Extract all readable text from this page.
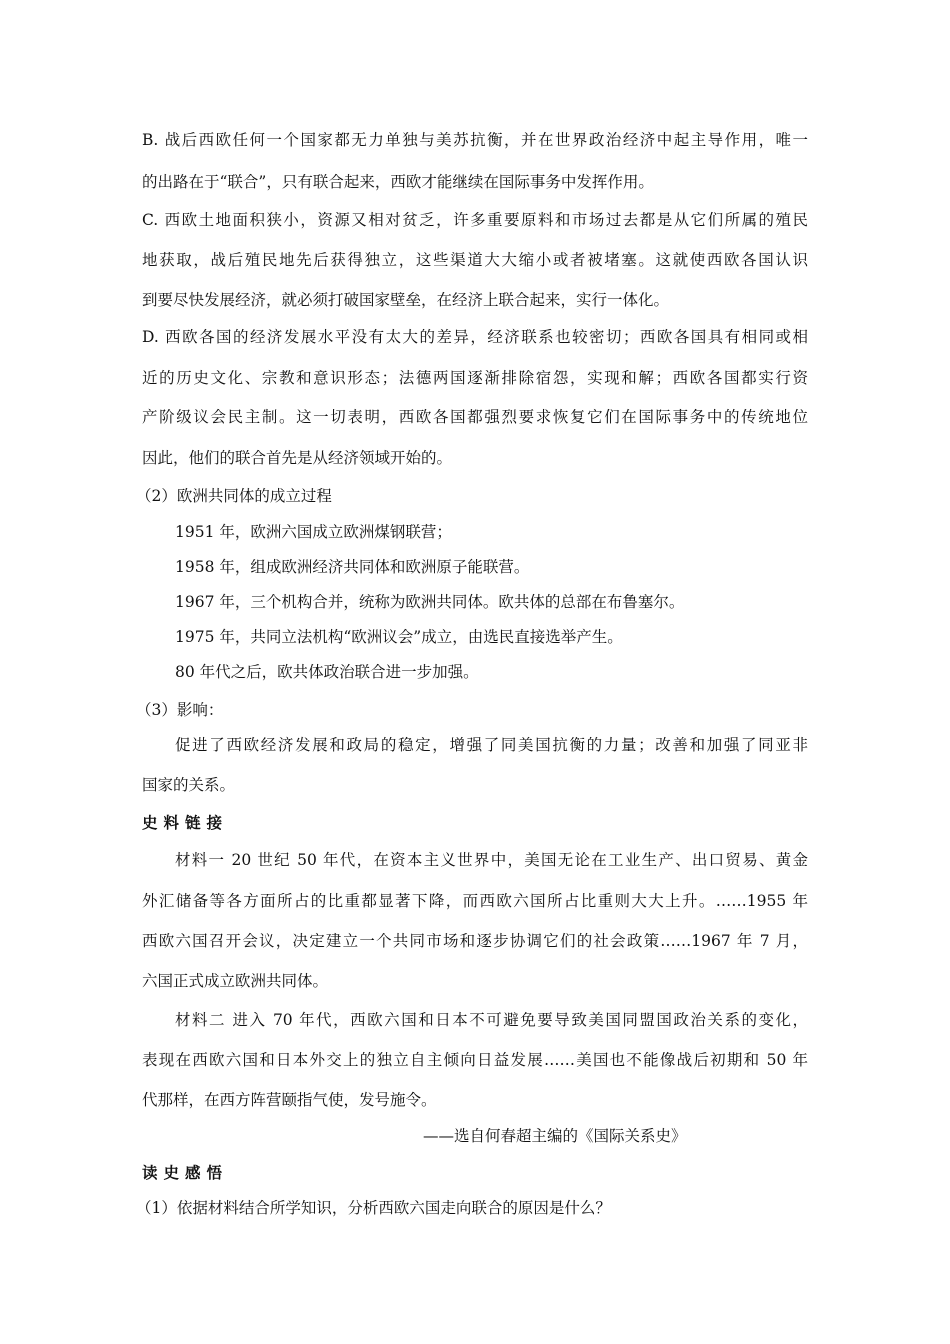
B. 战后西欧任何一个国家都无力单独与美苏抗衡，并在世界政治经济中起主导作用，唯一
的出路在于“联合”，只有联合起来，西欧才能继续在国际事务中发挥作用。
C. 西欧土地面积狭小，资源又相对贫乏，许多重要原料和市场过去都是从它们所属的殖民
地获取，战后殖民地先后获得独立，这些渠道大大缩小或者被堵塞。这就使西欧各国认识
到要尽快发展经济，就必须打破国家壁垒，在经济上联合起来，实行一体化。
D. 西欧各国的经济发展水平没有太大的差异，经济联系也较密切；西欧各国具有相同或相
近的历史文化、宗教和意识形态；法德两国逐渐排除宿怨，实现和解；西欧各国都实行资
产阶级议会民主制。这一切表明，西欧各国都强烈要求恢复它们在国际事务中的传统地位
因此，他们的联合首先是从经济领域开始的。
（2）欧洲共同体的成立过程
1951 年，欧洲六国成立欧洲煤钢联营；
1958 年，组成欧洲经济共同体和欧洲原子能联营。
1967 年，三个机构合并，统称为欧洲共同体。欧共体的总部在布鲁塞尔。
1975 年，共同立法机构“欧洲议会”成立，由选民直接选举产生。
80 年代之后，欧共体政治联合进一步加强。
（3）影响：
促进了西欧经济发展和政局的稳定，增强了同美国抗衡的力量；改善和加强了同亚非
国家的关系。
史料链接
材料一 20 世纪 50 年代，在资本主义世界中，美国无论在工业生产、出口贸易、黄金
外汇储备等各方面所占的比重都显著下降，而西欧六国所占比重则大大上升。……1955 年
西欧六国召开会议，决定建立一个共同市场和逐步协调它们的社会政策……1967 年 7 月，
六国正式成立欧洲共同体。
材料二 进入 70 年代，西欧六国和日本不可避免要导致美国同盟国政治关系的变化，
表现在西欧六国和日本外交上的独立自主倾向日益发展……美国也不能像战后初期和 50 年
代那样，在西方阵营颐指气使，发号施令。
——选自何春超主编的《国际关系史》
读史感悟
（1）依据材料结合所学知识，分析西欧六国走向联合的原因是什么？
